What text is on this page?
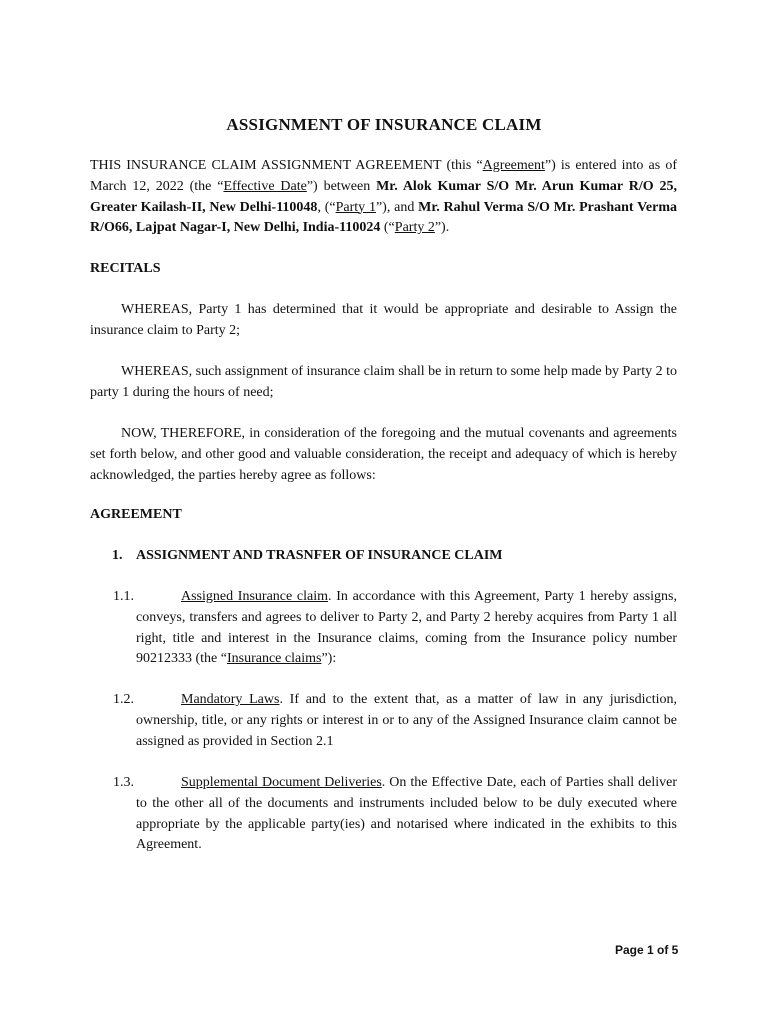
ASSIGNMENT OF INSURANCE CLAIM

THIS INSURANCE CLAIM ASSIGNMENT AGREEMENT (this “Agreement”) is entered into as of March 12, 2022 (the “Effective Date”) between Mr. Alok Kumar S/O Mr. Arun Kumar R/O 25, Greater Kailash-II, New Delhi-110048, (“Party 1”), and Mr. Rahul Verma S/O Mr. Prashant Verma R/O66, Lajpat Nagar-I, New Delhi, India-110024 (“Party 2”).

RECITALS

WHEREAS, Party 1 has determined that it would be appropriate and desirable to Assign the insurance claim to Party 2;

WHEREAS, such assignment of insurance claim shall be in return to some help made by Party 2 to party 1 during the hours of need;

NOW, THEREFORE, in consideration of the foregoing and the mutual covenants and agreements set forth below, and other good and valuable consideration, the receipt and adequacy of which is hereby acknowledged, the parties hereby agree as follows:

AGREEMENT
1. ASSIGNMENT AND TRASNFER OF INSURANCE CLAIM
1.1.	Assigned Insurance claim. In accordance with this Agreement, Party 1 hereby assigns, conveys, transfers and agrees to deliver to Party 2, and Party 2 hereby acquires from Party 1 all right, title and interest in the Insurance claims, coming from the Insurance policy number 90212333 (the “Insurance claims”):
1.2.	Mandatory Laws. If and to the extent that, as a matter of law in any jurisdiction, ownership, title, or any rights or interest in or to any of the Assigned Insurance claim cannot be assigned as provided in Section 2.1
1.3.	Supplemental Document Deliveries. On the Effective Date, each of Parties shall deliver to the other all of the documents and instruments included below to be duly executed where appropriate by the applicable party(ies) and notarised where indicated in the exhibits to this Agreement.
Page 1 of 5
